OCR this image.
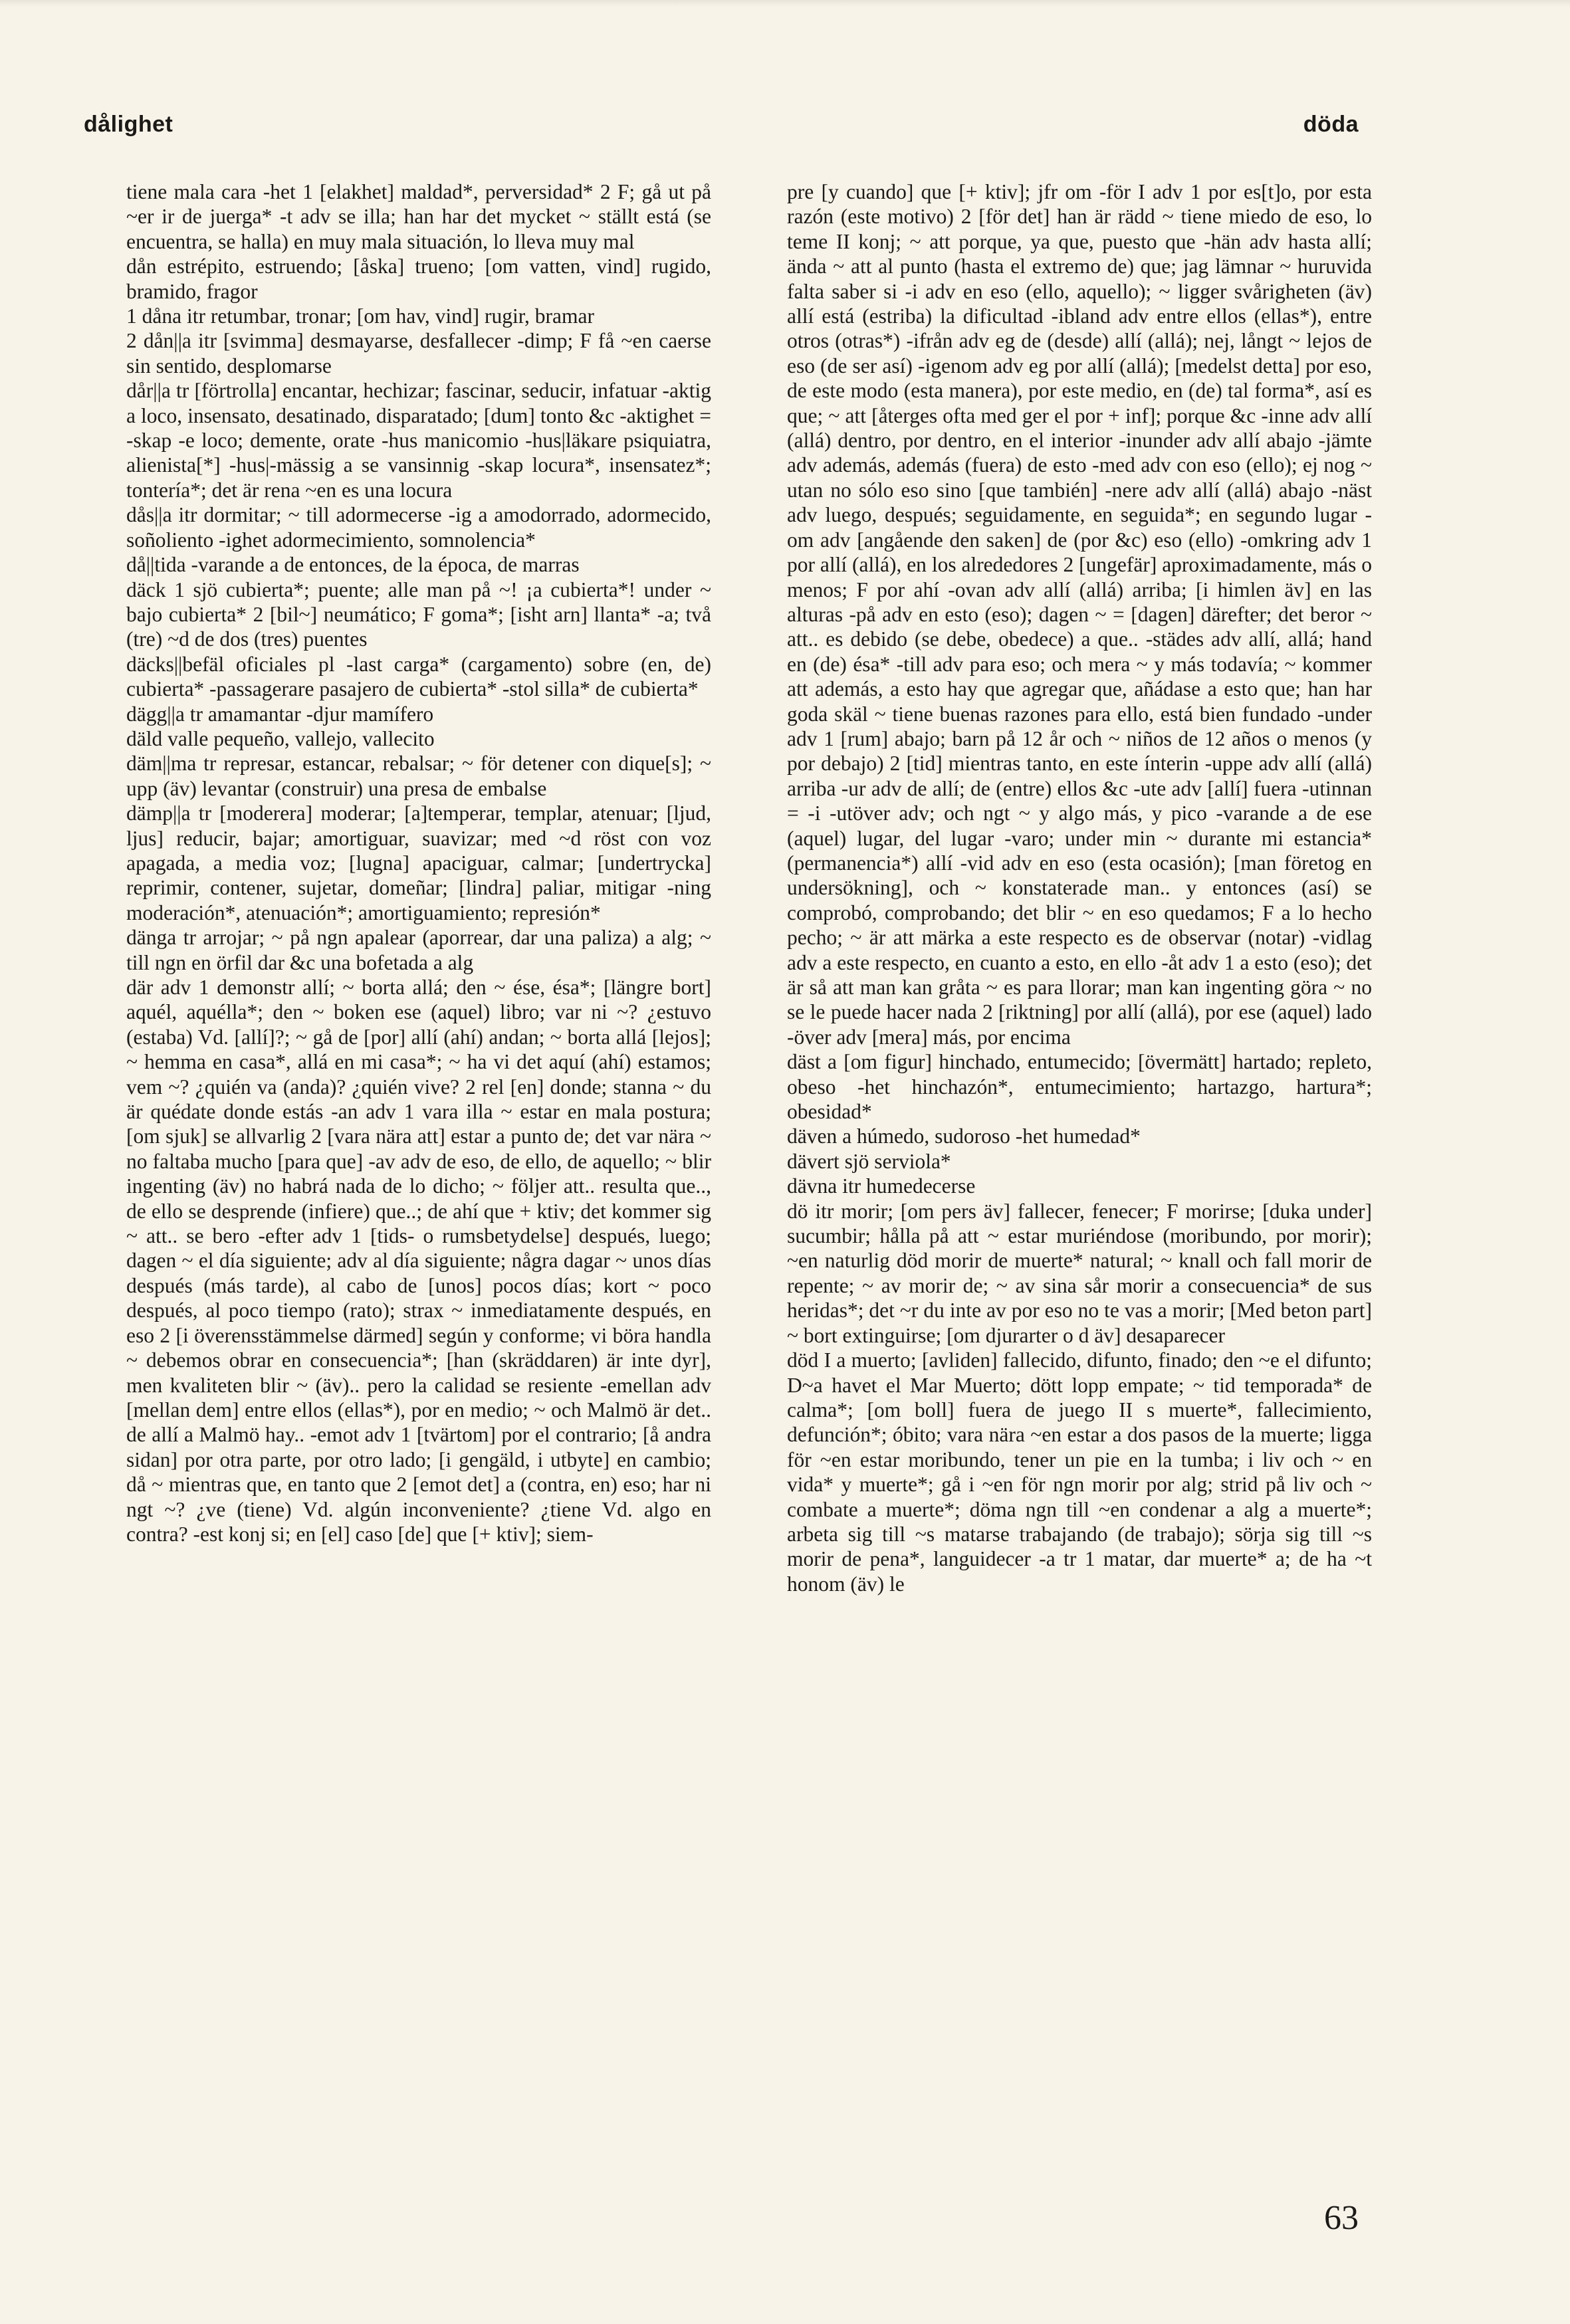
dålighet	döda

tiene mala cara -het 1 [elakhet] maldad*, perversidad* 2 F; gå ut på ~er ir de juerga* -t adv se illa; han har det mycket ~ ställt está (se encuentra, se halla) en muy mala situación, lo lleva muy mal

dån estrépito, estruendo; [åska] trueno; [om vatten, vind] rugido, bramido, fragor

1 dåna itr retumbar, tronar; [om hav, vind] rugir, bramar

2 dån||a itr [svimma] desmayarse, desfallecer -dimp; F få ~en caerse sin sentido, desplomarse

dår||a tr [förtrolla] encantar, hechizar; fascinar, seducir, infatuar -aktig a loco, insensato, desatinado, disparatado; [dum] tonto &c -aktighet = -skap -e loco; demente, orate -hus manicomio -hus|läkare psiquiatra, alienista[*] -hus|-mässig a se vansinnig -skap locura*, insensatez*; tontería*; det är rena ~en es una locura

dås||a itr dormitar; ~ till adormecerse -ig a amodorrado, adormecido, soñoliento -ighet adormecimiento, somnolencia*

då||tida -varande a de entonces, de la época, de marras

däck 1 sjö cubierta*; puente; alle man på ~! ¡a cubierta*! under ~ bajo cubierta* 2 [bil~] neumático; F goma*; [isht arn] llanta* -a; två (tre) ~d de dos (tres) puentes

däcks||befäl oficiales pl -last carga* (cargamento) sobre (en, de) cubierta* -passagerare pasajero de cubierta* -stol silla* de cubierta*

dägg||a tr amamantar -djur mamífero

däld valle pequeño, vallejo, vallecito

däm||ma tr represar, estancar, rebalsar; ~ för detener con dique[s]; ~ upp (äv) levantar (construir) una presa de embalse

dämp||a tr [moderera] moderar; [a]temperar, templar, atenuar; [ljud, ljus] reducir, bajar; amortiguar, suavizar; med ~d röst con voz apagada, a media voz; [lugna] apaciguar, calmar; [undertrycka] reprimir, contener, sujetar, domeñar; [lindra] paliar, mitigar -ning moderación*, atenuación*; amortiguamiento; represión*

dänga tr arrojar; ~ på ngn apalear (aporrear, dar una paliza) a alg; ~ till ngn en örfil dar &c una bofetada a alg

där adv 1 demonstr allí; ~ borta allá; den ~ ése, ésa*; [längre bort] aquél, aquélla*; den ~ boken ese (aquel) libro; var ni ~? ¿estuvo (estaba) Vd. [allí]?; ~ gå de [por] allí (ahí) andan; ~ borta allá [lejos]; ~ hemma en casa*, allá en mi casa*; ~ ha vi det aquí (ahí) estamos; vem ~? ¿quién va (anda)? ¿quién vive? 2 rel [en] donde; stanna ~ du är quédate donde estás -an adv 1 vara illa ~ estar en mala postura; [om sjuk] se allvarlig 2 [vara nära att] estar a punto de; det var nära ~ no faltaba mucho [para que] -av adv de eso, de ello, de aquello; ~ blir ingenting (äv) no habrá nada de lo dicho; ~ följer att.. resulta que.., de ello se desprende (infiere) que..; de ahí que + ktiv; det kommer sig ~ att.. se bero -efter adv 1 [tids- o rumsbetydelse] después, luego; dagen ~ el día siguiente; adv al día siguiente; några dagar ~ unos días después (más tarde), al cabo de [unos] pocos días; kort ~ poco después, al poco tiempo (rato); strax ~ inmediatamente después, en eso 2 [i överensstämmelse därmed] según y conforme; vi böra handla ~ debemos obrar en consecuencia*; [han (skräddaren) är inte dyr], men kvaliteten blir ~ (äv).. pero la calidad se resiente -emellan adv [mellan dem] entre ellos (ellas*), por en medio; ~ och Malmö är det.. de allí a Malmö hay.. -emot adv 1 [tvärtom] por el contrario; [å andra sidan] por otra parte, por otro lado; [i gengäld, i utbyte] en cambio; då ~ mientras que, en tanto que 2 [emot det] a (contra, en) eso; har ni ngt ~? ¿ve (tiene) Vd. algún inconveniente? ¿tiene Vd. algo en contra? -est konj si; en [el] caso [de] que [+ ktiv]; siem-

pre [y cuando] que [+ ktiv]; jfr om -för I adv 1 por es[t]o, por esta razón (este motivo) 2 [för det] han är rädd ~ tiene miedo de eso, lo teme II konj; ~ att porque, ya que, puesto que -hän adv hasta allí; ända ~ att al punto (hasta el extremo de) que; jag lämnar ~ huruvida falta saber si -i adv en eso (ello, aquello); ~ ligger svårigheten (äv) allí está (estriba) la dificultad -ibland adv entre ellos (ellas*), entre otros (otras*) -ifrån adv eg de (desde) allí (allá); nej, långt ~ lejos de eso (de ser así) -igenom adv eg por allí (allá); [medelst detta] por eso, de este modo (esta manera), por este medio, en (de) tal forma*, así es que; ~ att [återges ofta med ger el por + inf]; porque &c -inne adv allí (allá) dentro, por dentro, en el interior -inunder adv allí abajo -jämte adv además, además (fuera) de esto -med adv con eso (ello); ej nog ~ utan no sólo eso sino [que también] -nere adv allí (allá) abajo -näst adv luego, después; seguidamente, en seguida*; en segundo lugar -om adv [angående den saken] de (por &c) eso (ello) -omkring adv 1 por allí (allá), en los alrededores 2 [ungefär] aproximadamente, más o menos; F por ahí -ovan adv allí (allá) arriba; [i himlen äv] en las alturas -på adv en esto (eso); dagen ~ = [dagen] därefter; det beror ~ att.. es debido (se debe, obedece) a que.. -städes adv allí, allá; hand en (de) ésa* -till adv para eso; och mera ~ y más todavía; ~ kommer att además, a esto hay que agregar que, añádase a esto que; han har goda skäl ~ tiene buenas razones para ello, está bien fundado -under adv 1 [rum] abajo; barn på 12 år och ~ niños de 12 años o menos (y por debajo) 2 [tid] mientras tanto, en este ínterin -uppe adv allí (allá) arriba -ur adv de allí; de (entre) ellos &c -ute adv [allí] fuera -utinnan = -i -utöver adv; och ngt ~ y algo más, y pico -varande a de ese (aquel) lugar, del lugar -varo; under min ~ durante mi estancia* (permanencia*) allí -vid adv en eso (esta ocasión); [man företog en undersökning], och ~ konstaterade man.. y entonces (así) se comprobó, comprobando; det blir ~ en eso quedamos; F a lo hecho pecho; ~ är att märka a este respecto es de observar (notar) -vidlag adv a este respecto, en cuanto a esto, en ello -åt adv 1 a esto (eso); det är så att man kan gråta ~ es para llorar; man kan ingenting göra ~ no se le puede hacer nada 2 [riktning] por allí (allá), por ese (aquel) lado -över adv [mera] más, por encima

däst a [om figur] hinchado, entumecido; [övermätt] hartado; repleto, obeso -het hinchazón*, entumecimiento; hartazgo, hartura*; obesidad*

däven a húmedo, sudoroso -het humedad*

dävert sjö serviola*

dävna itr humedecerse

dö itr morir; [om pers äv] fallecer, fenecer; F morirse; [duka under] sucumbir; hålla på att ~ estar muriéndose (moribundo, por morir); ~en naturlig död morir de muerte* natural; ~ knall och fall morir de repente; ~ av morir de; ~ av sina sår morir a consecuencia* de sus heridas*; det ~r du inte av por eso no te vas a morir; [Med beton part] ~ bort extinguirse; [om djurarter o d äv] desaparecer

död I a muerto; [avliden] fallecido, difunto, finado; den ~e el difunto; D~a havet el Mar Muerto; dött lopp empate; ~ tid temporada* de calma*; [om boll] fuera de juego II s muerte*, fallecimiento, defunción*; óbito; vara nära ~en estar a dos pasos de la muerte; ligga för ~en estar moribundo, tener un pie en la tumba; i liv och ~ en vida* y muerte*; gå i ~en för ngn morir por alg; strid på liv och ~ combate a muerte*; döma ngn till ~en condenar a alg a muerte*; arbeta sig till ~s matarse trabajando (de trabajo); sörja sig till ~s morir de pena*, languidecer -a tr 1 matar, dar muerte* a; de ha ~t honom (äv) le

63
